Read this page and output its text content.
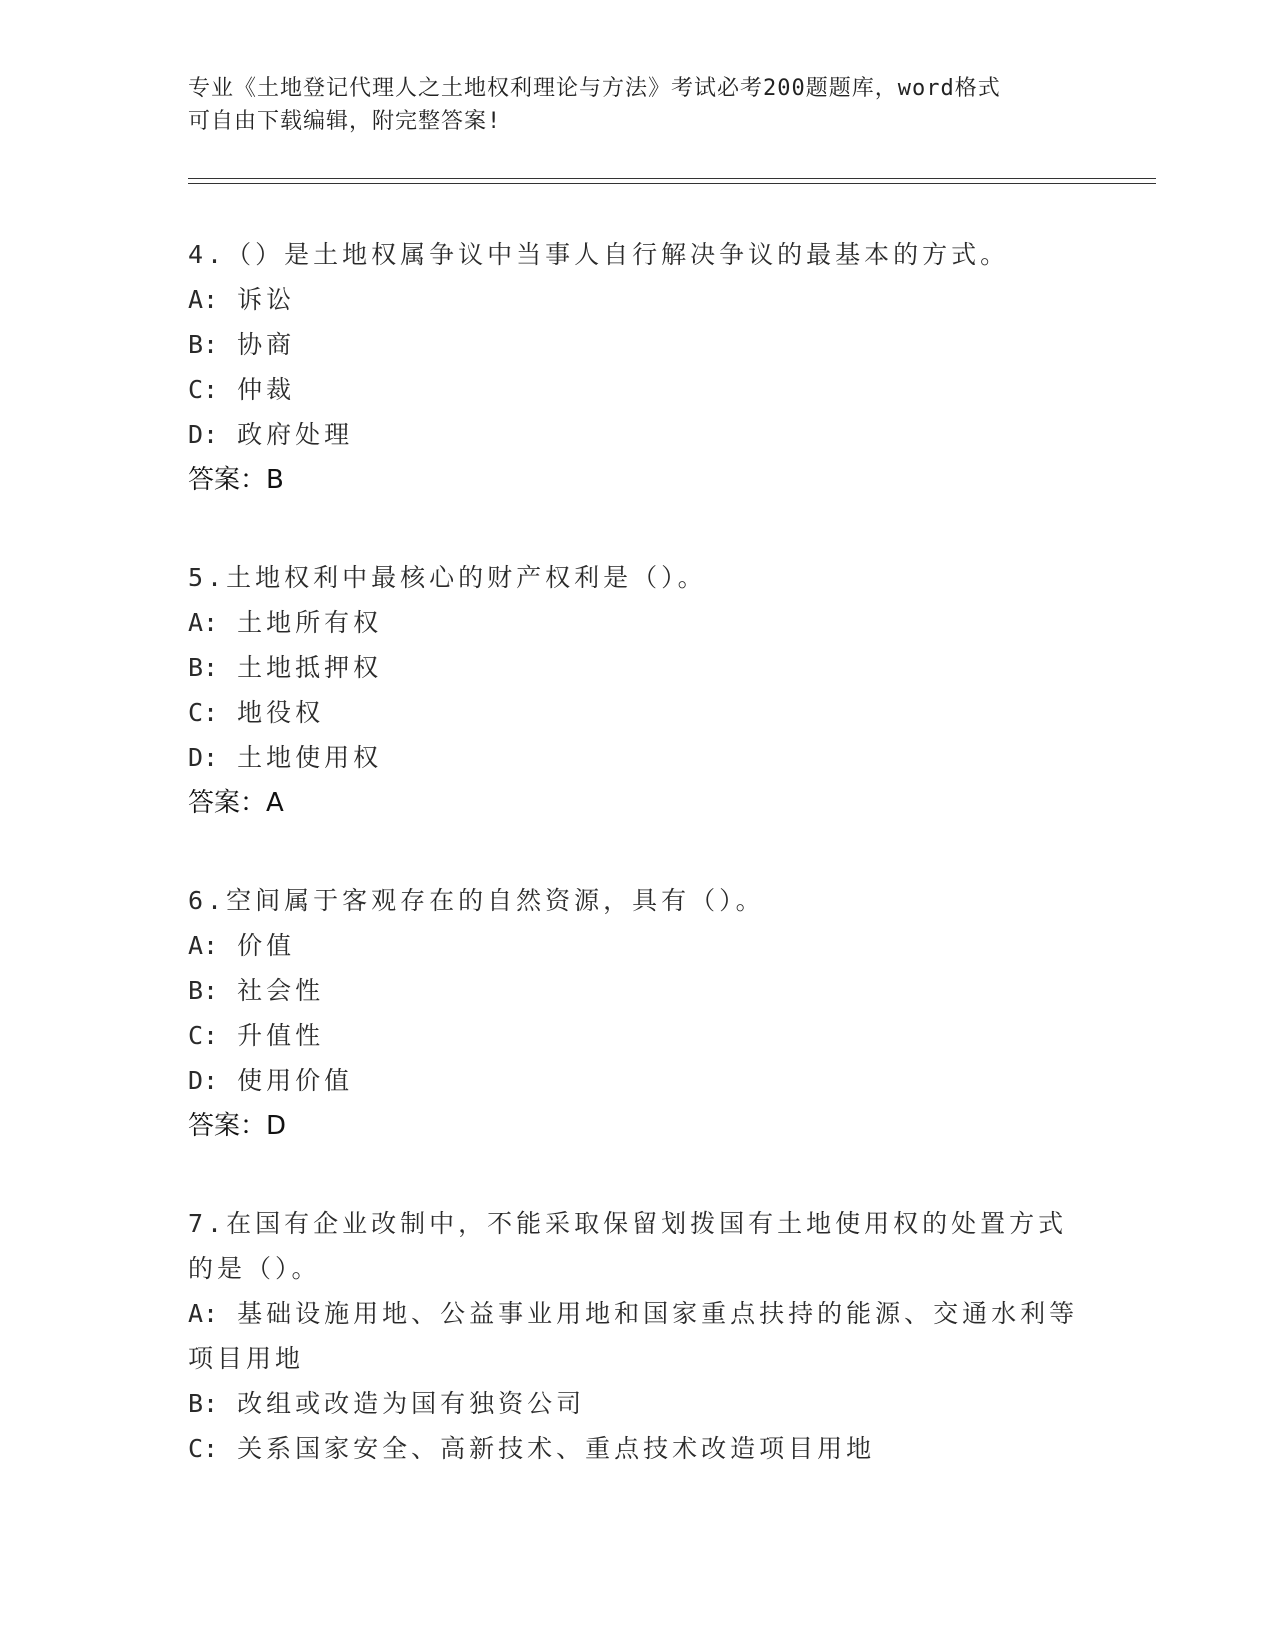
专业《土地登记代理人之土地权利理论与方法》考试必考200题题库，word格式
可自由下载编辑，附完整答案!
4.（）是土地权属争议中当事人自行解决争议的最基本的方式。
A: 诉讼
B: 协商
C: 仲裁
D: 政府处理
答案：B
5.土地权利中最核心的财产权利是（）。
A: 土地所有权
B: 土地抵押权
C: 地役权
D: 土地使用权
答案：A
6.空间属于客观存在的自然资源，具有（）。
A: 价值
B: 社会性
C: 升值性
D: 使用价值
答案：D
7.在国有企业改制中，不能采取保留划拨国有土地使用权的处置方式
的是（）。
A: 基础设施用地、公益事业用地和国家重点扶持的能源、交通水利等
项目用地
B: 改组或改造为国有独资公司
C: 关系国家安全、高新技术、重点技术改造项目用地
